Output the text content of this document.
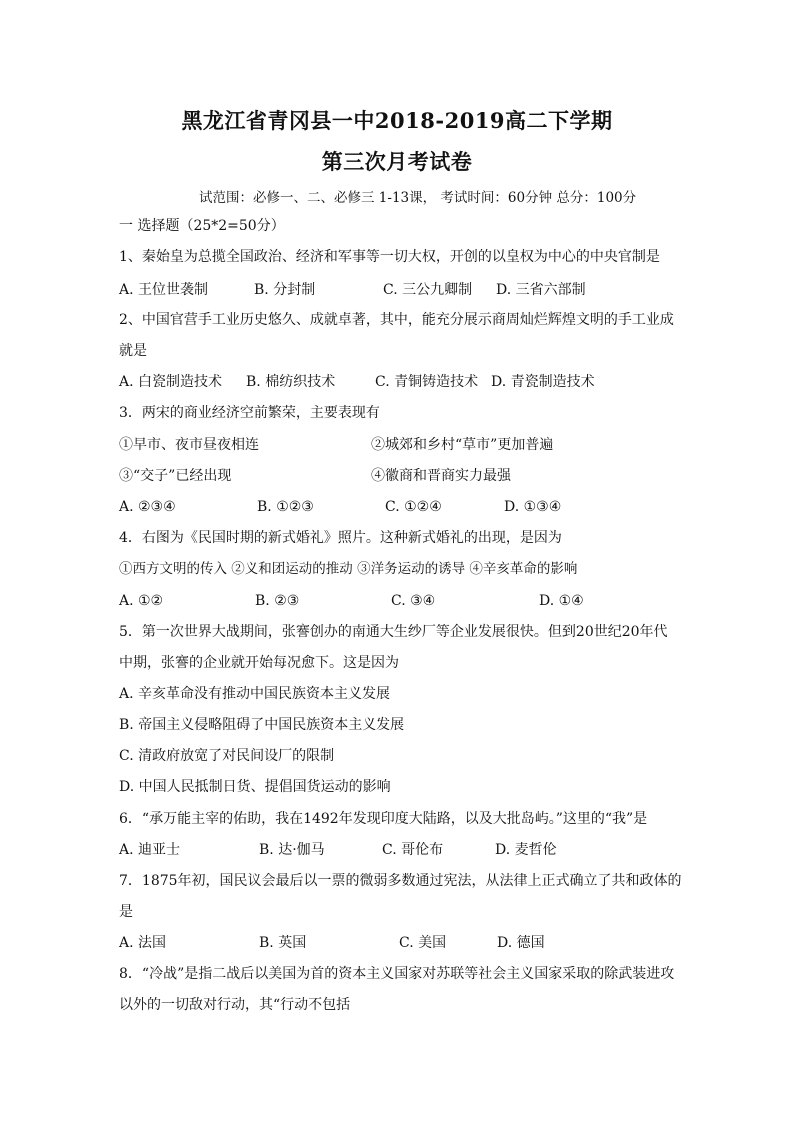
黑龙江省青冈县一中2018-2019高二下学期
第三次月考试卷
试范围：必修一、二、必修三 1-13课， 考试时间：60分钟 总分：100分
一 选择题（25*2=50分）
1、秦始皇为总揽全国政治、经济和军事等一切大权，开创的以皇权为中心的中央官制是
A. 王位世袭制	B. 分封制	C. 三公九卿制 D. 三省六部制
2、中国官营手工业历史悠久、成就卓著，其中，能充分展示商周灿烂辉煌文明的手工业成
就是
A. 白瓷制造技术 B. 棉纺织技术	C. 青铜铸造技术 D. 青瓷制造技术
3．两宋的商业经济空前繁荣，主要表现有
①早市、夜市昼夜相连	②城郊和乡村“草市”更加普遍
③“交子”已经出现	④徽商和晋商实力最强
A. ②③④	B. ①②③	C. ①②④	D. ①③④
4．右图为《民国时期的新式婚礼》照片。这种新式婚礼的出现，是因为
①西方文明的传入 ②义和团运动的推动 ③洋务运动的诱导 ④辛亥革命的影响
A. ①②	B. ②③	C. ③④	D. ①④
5．第一次世界大战期间，张謇创办的南通大生纱厂等企业发展很快。但到20世纪20年代
中期，张謇的企业就开始每况愈下。这是因为
A. 辛亥革命没有推动中国民族资本主义发展
B. 帝国主义侵略阻碍了中国民族资本主义发展
C. 清政府放宽了对民间设厂的限制
D. 中国人民抵制日货、提倡国货运动的影响
6．“承万能主宰的佑助，我在1492年发现印度大陆路，以及大批岛屿。”这里的“我”是
A. 迪亚士	B. 达·伽马	C. 哥伦布	D. 麦哲伦
7．1875年初，国民议会最后以一票的微弱多数通过宪法，从法律上正式确立了共和政体的
是
A. 法国	B. 英国	C. 美国	D. 德国
8．“冷战”是指二战后以美国为首的资本主义国家对苏联等社会主义国家采取的除武装进攻
以外的一切敌对行动，其“行动不包括
